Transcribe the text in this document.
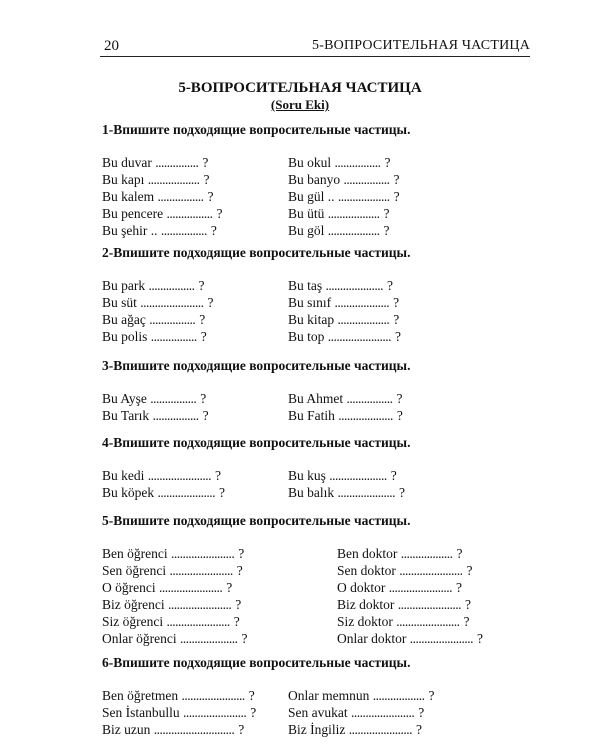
20	5-ВОПРОСИТЕЛЬНАЯ ЧАСТИЦА
5-ВОПРОСИТЕЛЬНАЯ ЧАСТИЦА
(Soru Eki)
1-Впишите подходящие вопросительные частицы.
Bu duvar ............... ?
Bu kapı .................. ?
Bu kalem ................ ?
Bu pencere ................ ?
Bu şehir .. ................ ?
Bu okul ................ ?
Bu banyo ................ ?
Bu gül .. .................. ?
Bu ütü .................. ?
Bu göl .................. ?
2-Впишите подходящие вопросительные частицы.
Bu park ................ ?
Bu süt ...................... ?
Bu ağaç ................ ?
Bu polis ................ ?
Bu taş .................... ?
Bu sınıf ................... ?
Bu kitap .................. ?
Bu top ...................... ?
3-Впишите подходящие вопросительные частицы.
Bu Ayşe ................ ?
Bu Tarık ................ ?
Bu Ahmet ................ ?
Bu Fatih ................... ?
4-Впишите подходящие вопросительные частицы.
Bu kedi ...................... ?
Bu köpek .................... ?
Bu kuş .................... ?
Bu balık .................... ?
5-Впишите подходящие вопросительные частицы.
Ben öğrenci ...................... ?
Sen öğrenci ...................... ?
O öğrenci ...................... ?
Biz öğrenci ...................... ?
Siz öğrenci ...................... ?
Onlar öğrenci .................... ?
Ben doktor .................. ?
Sen doktor ...................... ?
O doktor ...................... ?
Biz doktor ...................... ?
Siz doktor ...................... ?
Onlar doktor ...................... ?
6-Впишите подходящие вопросительные частицы.
Ben öğretmen ...................... ?
Sen İstanbullu ...................... ?
Biz uzun ............................ ?
Onlar memnun .................. ?
Sen avukat ...................... ?
Biz İngiliz ...................... ?
